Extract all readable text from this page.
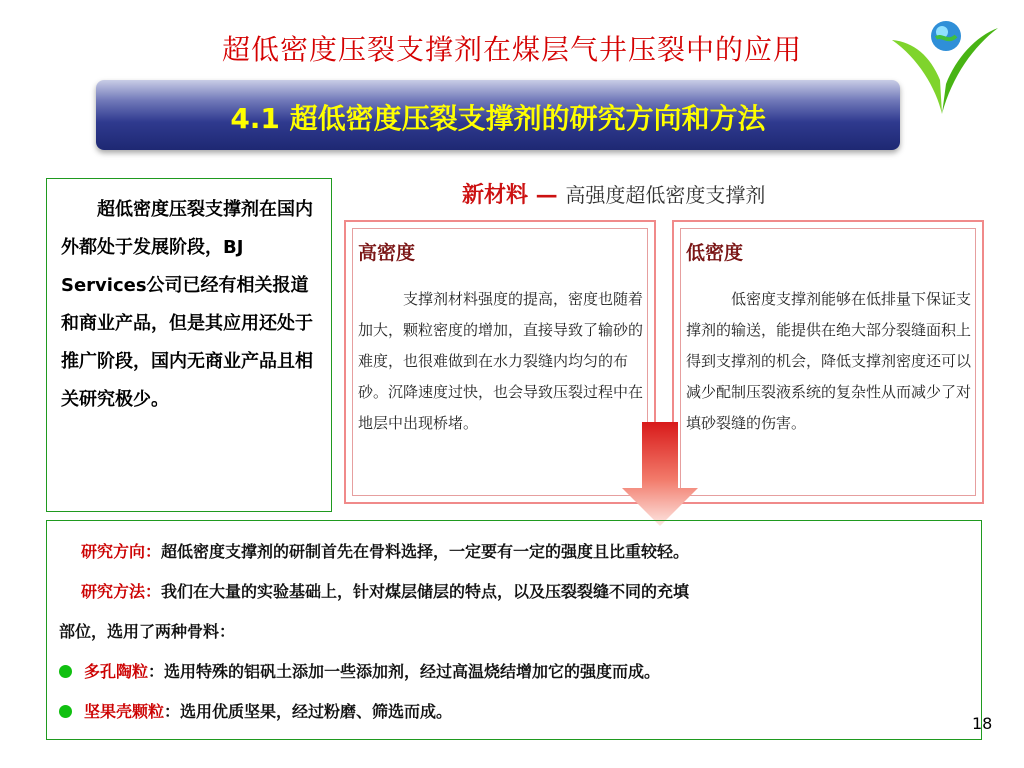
超低密度压裂支撑剂在煤层气井压裂中的应用
4.1 超低密度压裂支撑剂的研究方向和方法

超低密度压裂支撑剂在国内外都处于发展阶段，BJ Services公司已经有相关报道和商业产品，但是其应用还处于推广阶段，国内无商业产品且相关研究极少。

新材料 — 高强度超低密度支撑剂
高密度
支撑剂材料强度的提高，密度也随着加大，颗粒密度的增加，直接导致了输砂的难度，也很难做到在水力裂缝内均匀的布砂。沉降速度过快，也会导致压裂过程中在地层中出现桥堵。
低密度
低密度支撑剂能够在低排量下保证支撑剂的输送，能提供在绝大部分裂缝面积上得到支撑剂的机会，降低支撑剂密度还可以减少配制压裂液系统的复杂性从而减少了对填砂裂缝的伤害。
研究方向：超低密度支撑剂的研制首先在骨料选择，一定要有一定的强度且比重较轻。
研究方法：我们在大量的实验基础上，针对煤层储层的特点，以及压裂裂缝不同的充填
部位，选用了两种骨料：
多孔陶粒：选用特殊的铝矾土添加一些添加剂，经过高温烧结增加它的强度而成。
坚果壳颗粒：选用优质坚果，经过粉磨、筛选而成。
18
